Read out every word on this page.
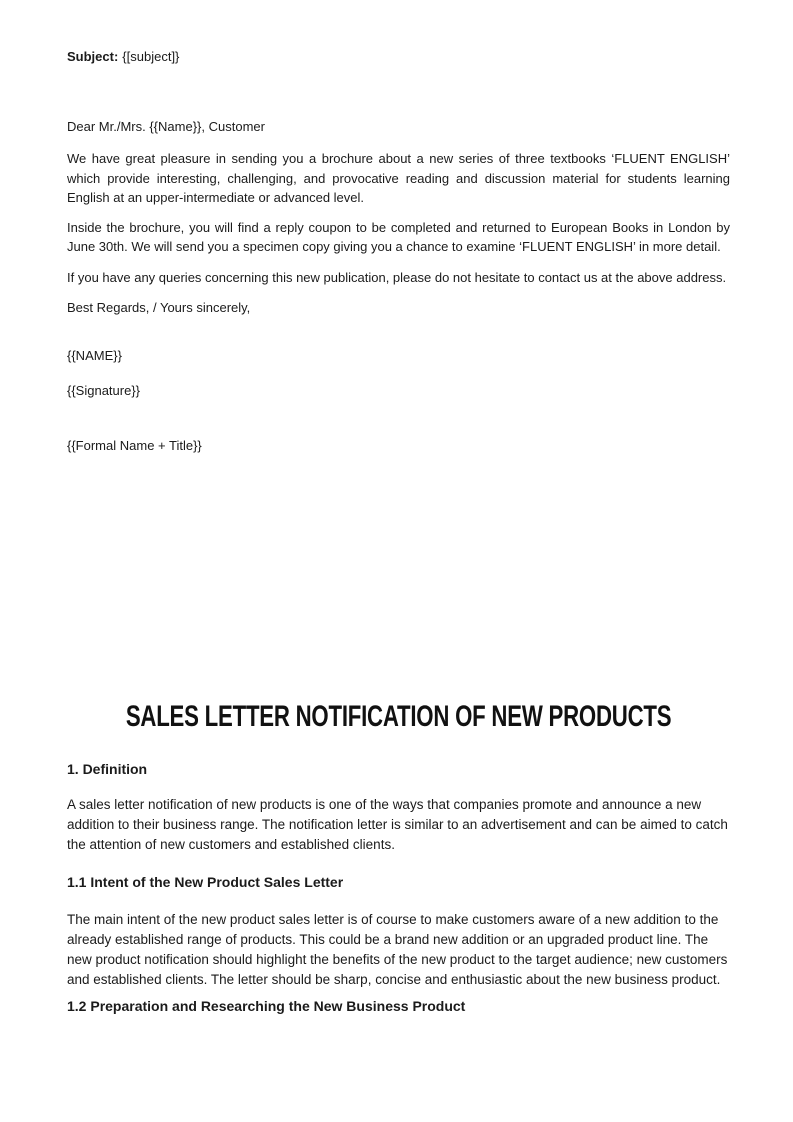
Subject: {[subject]}

Dear Mr./Mrs. {{Name}}, Customer

We have great pleasure in sending you a brochure about a new series of three textbooks ‘FLUENT ENGLISH’ which provide interesting, challenging, and provocative reading and discussion material for students learning English at an upper-intermediate or advanced level.

Inside the brochure, you will find a reply coupon to be completed and returned to European Books in London by June 30th. We will send you a specimen copy giving you a chance to examine ‘FLUENT ENGLISH’ in more detail.

If you have any queries concerning this new publication, please do not hesitate to contact us at the above address.

Best Regards, / Yours sincerely,

{{NAME}}

{{Signature}}

{{Formal Name + Title}}

SALES LETTER NOTIFICATION OF NEW PRODUCTS
1. Definition

A sales letter notification of new products is one of the ways that companies promote and announce a new addition to their business range. The notification letter is similar to an advertisement and can be aimed to catch the attention of new customers and established clients.

1.1 Intent of the New Product Sales Letter

The main intent of the new product sales letter is of course to make customers aware of a new addition to the already established range of products. This could be a brand new addition or an upgraded product line. The new product notification should highlight the benefits of the new product to the target audience; new customers and established clients. The letter should be sharp, concise and enthusiastic about the new business product.

1.2 Preparation and Researching the New Business Product
